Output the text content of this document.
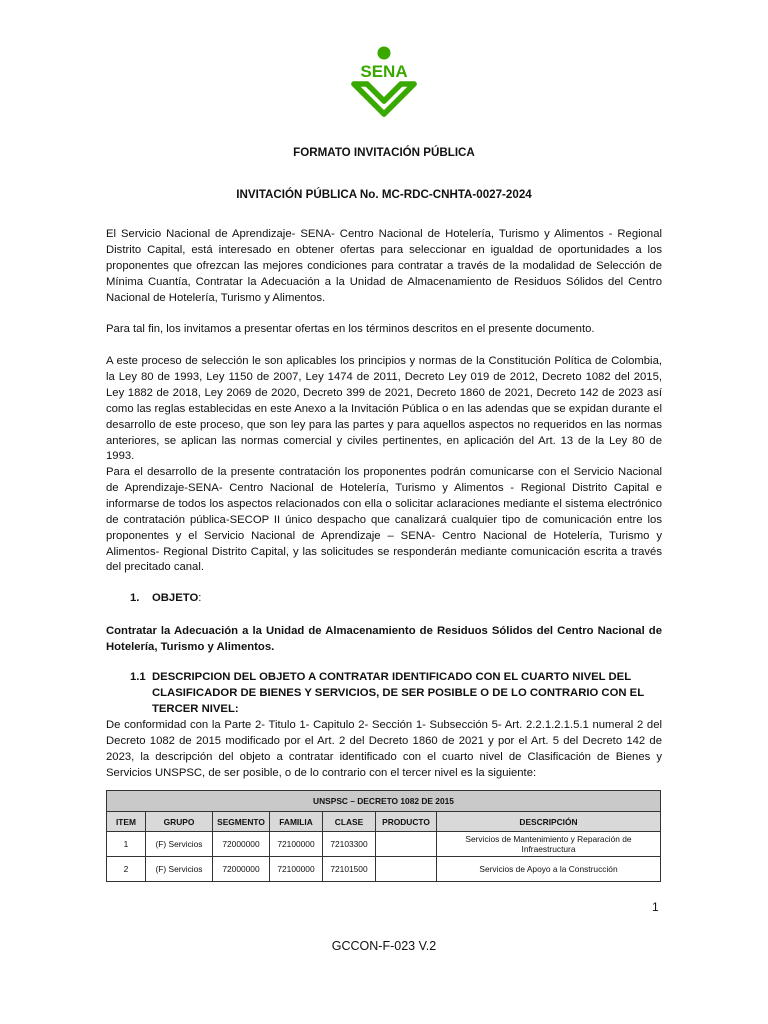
SENA
FORMATO INVITACIÓN PÚBLICA
INVITACIÓN PÚBLICA No. MC-RDC-CNHTA-0027-2024

El Servicio Nacional de Aprendizaje- SENA- Centro Nacional de Hotelería, Turismo y Alimentos - Regional Distrito Capital, está interesado en obtener ofertas para seleccionar en igualdad de oportunidades a los proponentes que ofrezcan las mejores condiciones para contratar a través de la modalidad de Selección de Mínima Cuantía, Contratar la Adecuación a la Unidad de Almacenamiento de Residuos Sólidos del Centro Nacional de Hotelería, Turismo y Alimentos.

Para tal fin, los invitamos a presentar ofertas en los términos descritos en el presente documento.

A este proceso de selección le son aplicables los principios y normas de la Constitución Política de Colombia, la Ley 80 de 1993, Ley 1150 de 2007, Ley 1474 de 2011, Decreto Ley 019 de 2012, Decreto 1082 del 2015, Ley 1882 de 2018, Ley 2069 de 2020, Decreto 399 de 2021, Decreto 1860 de 2021, Decreto 142 de 2023 así como las reglas establecidas en este Anexo a la Invitación Pública o en las adendas que se expidan durante el desarrollo de este proceso, que son ley para las partes y para aquellos aspectos no requeridos en las normas anteriores, se aplican las normas comercial y civiles pertinentes, en aplicación del Art. 13 de la Ley 80 de 1993.

Para el desarrollo de la presente contratación los proponentes podrán comunicarse con el Servicio Nacional de Aprendizaje-SENA- Centro Nacional de Hotelería, Turismo y Alimentos - Regional Distrito Capital e informarse de todos los aspectos relacionados con ella o solicitar aclaraciones mediante el sistema electrónico de contratación pública-SECOP II único despacho que canalizará cualquier tipo de comunicación entre los proponentes y el Servicio Nacional de Aprendizaje – SENA- Centro Nacional de Hotelería, Turismo y Alimentos- Regional Distrito Capital, y las solicitudes se responderán mediante comunicación escrita a través del precitado canal.

1. OBJETO:

Contratar la Adecuación a la Unidad de Almacenamiento de Residuos Sólidos del Centro Nacional de Hotelería, Turismo y Alimentos.

1.1 DESCRIPCION DEL OBJETO A CONTRATAR IDENTIFICADO CON EL CUARTO NIVEL DEL CLASIFICADOR DE BIENES Y SERVICIOS, DE SER POSIBLE O DE LO CONTRARIO CON EL TERCER NIVEL:

De conformidad con la Parte 2- Titulo 1- Capitulo 2- Sección 1- Subsección 5- Art. 2.2.1.2.1.5.1 numeral 2 del Decreto 1082 de 2015 modificado por el Art. 2 del Decreto 1860 de 2021 y por el Art. 5 del Decreto 142 de 2023, la descripción del objeto a contratar identificado con el cuarto nivel de Clasificación de Bienes y Servicios UNSPSC, de ser posible, o de lo contrario con el tercer nivel es la siguiente:

UNSPSC – DECRETO 1082 DE 2015						
ITEM	GRUPO	SEGMENTO	FAMILIA	CLASE	PRODUCTO	DESCRIPCIÓN
1	(F) Servicios	72000000	72100000	72103300		Servicios de Mantenimiento y Reparación de Infraestructura
2	(F) Servicios	72000000	72100000	72101500		Servicios de Apoyo a la Construcción
1
GCCON-F-023 V.2
